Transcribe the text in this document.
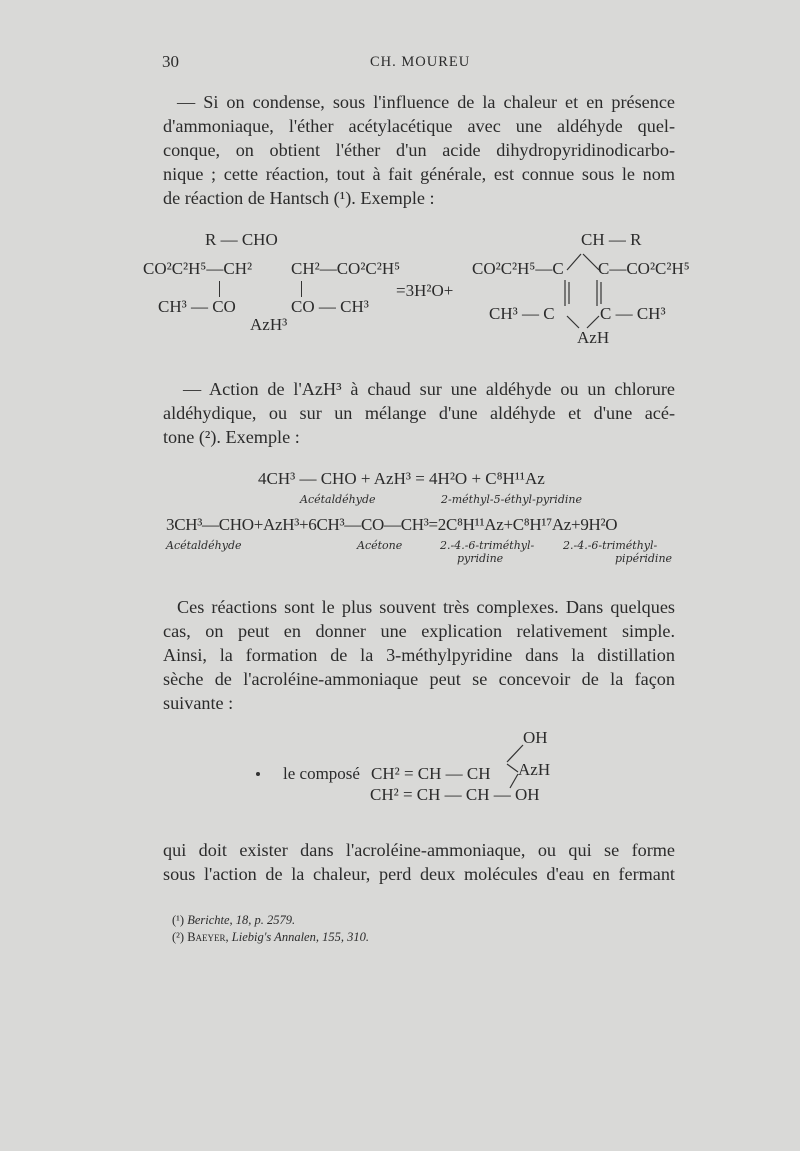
30	CH. MOUREU
— Si on condense, sous l'influence de la chaleur et en présence
d'ammoniaque, l'éther acétylacétique avec une aldéhyde quel-
conque, on obtient l'éther d'un acide dihydropyridinodicarbo-
nique ; cette réaction, tout à fait générale, est connue sous le nom
de réaction de Hantsch (¹). Exemple :
R — CHO
CO²C²H⁵—CH²
CH³ — CO
CH²—CO²C²H⁵
CO — CH³
AzH³
=3H²O+
CH — R
CO²C²H⁵—C C—CO²C²H⁵
CH³ — C	C — CH³
AzH
— Action de l'AzH³ à chaud sur une aldéhyde ou un chlorure
aldéhydique, ou sur un mélange d'une aldéhyde et d'une acé-
tone (²). Exemple :
4CH³ — CHO + AzH³ = 4H²O + C⁸H¹¹Az
Acétaldéhyde	2-méthyl-5-éthyl-pyridine
3CH³—CHO+AzH³+6CH³—CO—CH³=2C⁸H¹¹Az+C⁸H¹⁷Az+9H²O
Acétaldéhyde	Acétone	2.-4.-6-triméthyl-
pyridine
2.-4.-6-triméthyl-
pipéridine
Ces réactions sont le plus souvent très complexes. Dans quelques
cas, on peut en donner une explication relativement simple.
Ainsi, la formation de la 3-méthylpyridine dans la distillation
sèche de l'acroléine-ammoniaque peut se concevoir de la façon
suivante :
le composé CH² = CH — CH
OH
AzH
CH² = CH — CH — OH
qui doit exister dans l'acroléine-ammoniaque, ou qui se forme
sous l'action de la chaleur, perd deux molécules d'eau en fermant
(¹) Berichte, 18, p. 2579.
(²) Baeyer, Liebig's Annalen, 155, 310.
